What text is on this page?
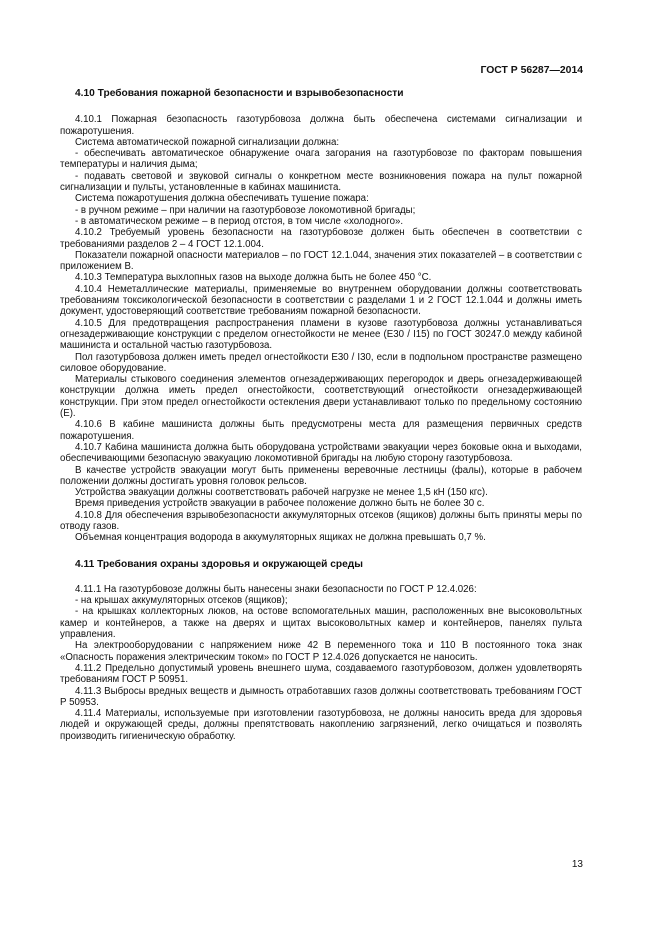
ГОСТ Р 56287—2014
4.10 Требования пожарной безопасности и взрывобезопасности

4.10.1 Пожарная безопасность газотурбовоза должна быть обеспечена системами сигнализации и пожаротушения.

Система автоматической пожарной сигнализации должна:

- обеспечивать автоматическое обнаружение очага загорания на газотурбовозе по факторам повышения температуры и наличия дыма;

- подавать световой и звуковой сигналы о конкретном месте возникновения пожара на пульт пожарной сигнализации и пульты, установленные в кабинах машиниста.

Система пожаротушения должна обеспечивать тушение пожара:

- в ручном режиме – при наличии на газотурбовозе локомотивной бригады;

- в автоматическом режиме – в период отстоя, в том числе «холодного».

4.10.2 Требуемый уровень безопасности на газотурбовозе должен быть обеспечен в соответствии с требованиями разделов 2 – 4 ГОСТ 12.1.004.

Показатели пожарной опасности материалов – по ГОСТ 12.1.044, значения этих показателей – в соответствии с приложением В.

4.10.3 Температура выхлопных газов на выходе должна быть не более 450 °С.

4.10.4 Неметаллические материалы, применяемые во внутреннем оборудовании должны соответствовать требованиям токсикологической безопасности в соответствии с разделами 1 и 2 ГОСТ 12.1.044 и должны иметь документ, удостоверяющий соответствие требованиям пожарной безопасности.

4.10.5 Для предотвращения распространения пламени в кузове газотурбовоза должны устанавливаться огнезадерживающие конструкции с пределом огнестойкости не менее (Е30 / I15) по ГОСТ 30247.0 между кабиной машиниста и остальной частью газотурбовоза.

Пол газотурбовоза должен иметь предел огнестойкости Е30 / I30, если в подпольном пространстве размещено силовое оборудование.

Материалы стыкового соединения элементов огнезадерживающих перегородок и дверь огнезадерживающей конструкции должна иметь предел огнестойкости, соответствующий огнестойкости огнезадерживающей конструкции. При этом предел огнестойкости остекления двери устанавливают только по предельному состоянию (Е).

4.10.6 В кабине машиниста должны быть предусмотрены места для размещения первичных средств пожаротушения.

4.10.7 Кабина машиниста должна быть оборудована устройствами эвакуации через боковые окна и выходами, обеспечивающими безопасную эвакуацию локомотивной бригады на любую сторону газотурбовоза.

В качестве устройств эвакуации могут быть применены веревочные лестницы (фалы), которые в рабочем положении должны достигать уровня головок рельсов.

Устройства эвакуации должны соответствовать рабочей нагрузке не менее 1,5 кН (150 кгс).

Время приведения устройств эвакуации в рабочее положение должно быть не более 30 с.

4.10.8 Для обеспечения взрывобезопасности аккумуляторных отсеков (ящиков) должны быть приняты меры по отводу газов.

Объемная концентрация водорода в аккумуляторных ящиках не должна превышать 0,7 %.

4.11 Требования охраны здоровья и окружающей среды

4.11.1 На газотурбовозе должны быть нанесены знаки безопасности по ГОСТ Р 12.4.026:

- на крышах аккумуляторных отсеков (ящиков);

- на крышках коллекторных люков, на остове вспомогательных машин, расположенных вне высоковольтных камер и контейнеров, а также на дверях и щитах высоковольтных камер и контейнеров, панелях пульта управления.

На электрооборудовании с напряжением ниже 42 В переменного тока и 110 В постоянного тока знак «Опасность поражения электрическим током» по ГОСТ Р 12.4.026 допускается не наносить.

4.11.2 Предельно допустимый уровень внешнего шума, создаваемого газотурбовозом, должен удовлетворять требованиям ГОСТ Р 50951.

4.11.3 Выбросы вредных веществ и дымность отработавших газов должны соответствовать требованиям ГОСТ Р 50953.

4.11.4 Материалы, используемые при изготовлении газотурбовоза, не должны наносить вреда для здоровья людей и окружающей среды, должны препятствовать накоплению загрязнений, легко очищаться и позволять производить гигиеническую обработку.

13
